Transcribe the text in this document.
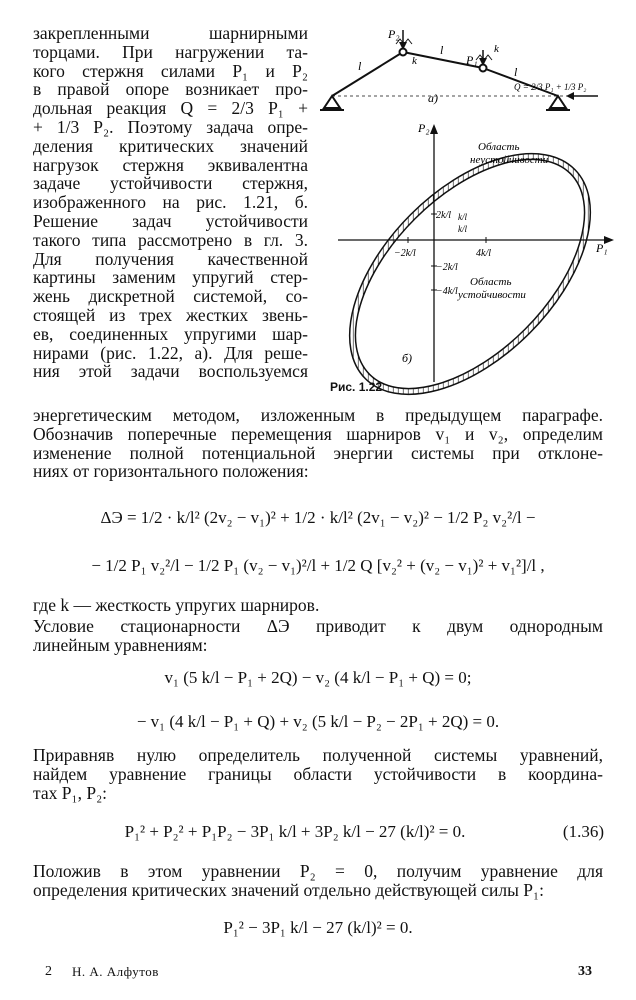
закрепленными шарнирными
торцами. При нагружении та-
кого стержня силами P₁ и P₂
в правой опоре возникает про-
дольная реакция Q = 2/3 P₁ +
+ 1/3 P₂. Поэтому задача опре-
деления критических значений
нагрузок стержня эквивалентна
задаче устойчивости стержня,
изображенного на рис. 1.21, б.
Решение задач устойчивости
такого типа рассмотрено в гл. 3.
Для получения качественной
картины заменим упругий стер-
жень дискретной системой, со-
стоящей из трех жестких звень-
ев, соединенных упругими шар-
нирами (рис. 1.22, а). Для реше-
ния этой задачи воспользуемся
P₂
P₁
l
l
l
k
k
Q = 2/3 P₁ + 1/3 P₂
а)
P₂
P₁
Область
неустойчивости
Область
устойчивости
2k/l
−2k/l
−4k/l
−2k/l	4k/l
k/l
k/l
б)
Рис. 1.22
энергетическим методом, изложенным в предыдущем параграфе.
Обозначив поперечные перемещения шарниров v₁ и v₂, определим
изменение полной потенциальной энергии системы при отклоне-
ниях от горизонтального положения:
ΔЭ = 1/2 · k/l² (2v₂ − v₁)² + 1/2 · k/l² (2v₁ − v₂)² − 1/2 P₂ v₂²/l −
− 1/2 P₁ v₂²/l − 1/2 P₁ (v₂ − v₁)²/l + 1/2 Q [v₂² + (v₂ − v₁)² + v₁²]/l ,
где k — жесткость упругих шарниров.
Условие стационарности ΔЭ приводит к двум однородным
линейным уравнениям:
v₁ (5 k/l − P₁ + 2Q) − v₂ (4 k/l − P₁ + Q) = 0;
− v₁ (4 k/l − P₁ + Q) + v₂ (5 k/l − P₂ − 2P₁ + 2Q) = 0.
Приравняв нулю определитель полученной системы уравнений,
найдем уравнение границы области устойчивости в координа-
тах P₁, P₂:
P₁² + P₂² + P₁P₂ − 3P₁ k/l + 3P₂ k/l − 27 (k/l)² = 0.	(1.36)
Положив в этом уравнении P₂ = 0, получим уравнение для
определения критических значений отдельно действующей силы P₁:
P₁² − 3P₁ k/l − 27 (k/l)² = 0.
2 Н. А. Алфутов	33
